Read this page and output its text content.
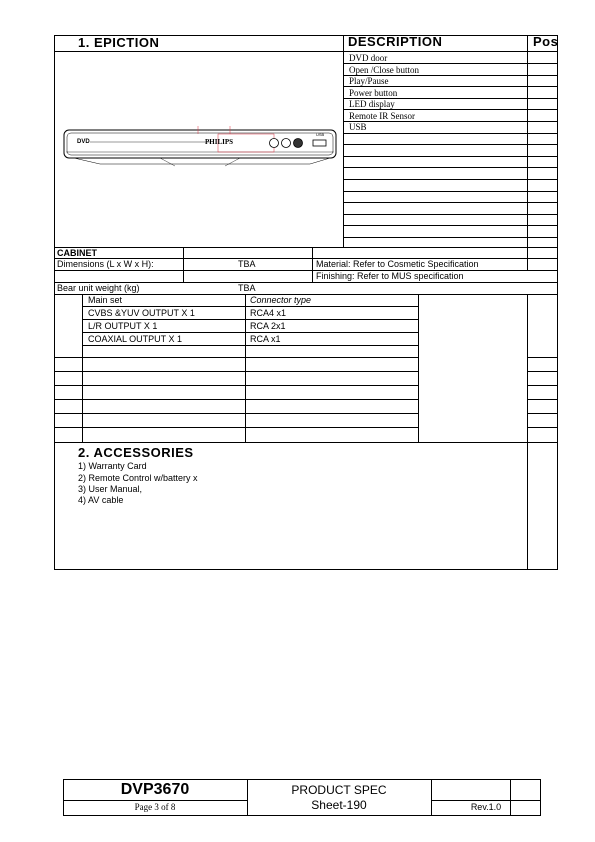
1. EPICTION	DESCRIPTION	Pos
DVD door
Open /Close button
Play/Pause
Power button
LED display
Remote IR Sensor
USB
DVD	PHILIPS
USB
CABINET
Dimensions (L x W x H):	TBA	Material: Refer to Cosmetic Specification
Finishing: Refer to MUS specification
Bear unit weight (kg)	TBA
Main set	Connector type
CVBS &YUV OUTPUT X 1	RCA4 x1
L/R OUTPUT X 1	RCA 2x1
COAXIAL OUTPUT X 1	RCA x1
2. ACCESSORIES
1) Warranty Card
2) Remote Control w/battery x
3) User Manual,
4) AV cable
DVP3670
Page 3 of 8
PRODUCT SPEC
Sheet-190	Rev.1.0
